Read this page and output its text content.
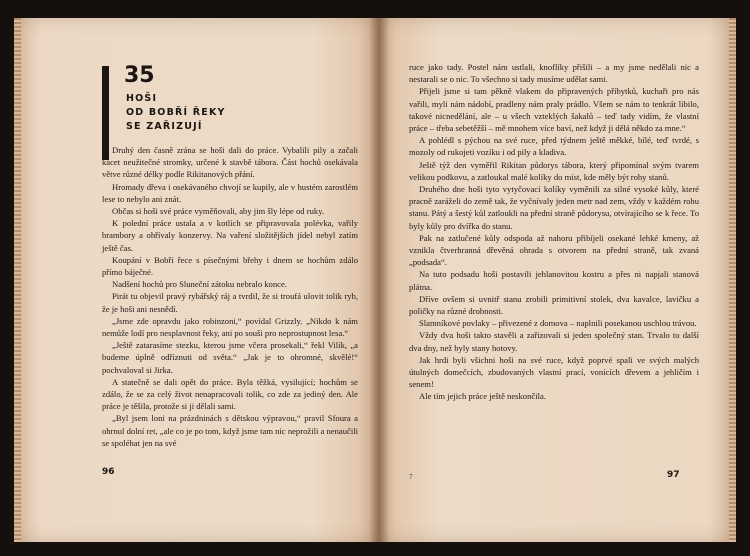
35
HOŠI
OD BOBŘÍ ŘEKY
SE ZAŘIZUJÍ

Druhý den časně zrána se hoši dali do práce. Vybalili pily a začali kácet neužitečné stromky, určené k stavbě tábora. Část hochů osekávala větve různé délky podle Rikitanových přání.

Hromady dřeva i osekávaného chvojí se kupily, ale v hustém zarostlém lese to nebylo ani znát.

Občas si hoši své práce vyměňovali, aby jim šly lépe od ruky.

K polední práce ustala a v kotlích se připravovala polévka, vařily brambory a ohřívaly konzervy. Na vaření složitějších jídel nebyl zatím ještě čas.

Koupání v Bobří řece s písečnými břehy i dnem se hochům zdálo přímo báječné.

Nadšení hochů pro Sluneční zátoku nebralo konce.

Pirát tu objevil pravý rybářský ráj a tvrdil, že si troufá ulovit tolik ryb, že je hoši ani nesnědí.

„Jsme zde opravdu jako robinzoni,“ povídal Grizzly. „Nikdo k nám nemůže lodí pro nesplavnost řeky, ani po souši pro neprostupnost lesa.“

„Ještě zatarasíme stezku, kterou jsme včera prosekali,“ řekl Vilík, „a budeme úplně odříznuti od světa.“ „Jak je to ohromné, skvělé!“ pochvaloval si Jirka.

A statečně se dali opět do práce. Byla těžká, vysilující; hochům se zdálo, že se za celý život nenapracovali tolik, co zde za jediný den. Ale práce je těšila, protože si ji dělali sami.

„Byl jsem loni na prázdninách s dětskou výpravou,“ pravil Sfoura a ohrnul dolní ret, „ale co je po tom, když jsme tam nic neprožili a nenaučili se spoléhat jen na své

96

ruce jako tady. Postel nám ustlali, knoflíky přišili – a my jsme nedělali nic a nestarali se o nic. To všechno si tady musíme udělat sami.

Přijeli jsme si tam pěkně vlakem do připravených příbytků, kuchaři pro nás vařili, myli nám nádobí, pradleny nám praly prádlo. Všem se nám to tenkrát líbilo, takové nicnedělání, ale – u všech vzteklých šakalů – teď tady vidím, že vlastní práce – třeba sebetěžší – mě mnohem více baví, než když ji dělá někdo za mne.“

A pohlédl s pýchou na své ruce, před týdnem ještě měkké, bílé, teď tvrdé, s mozoly od rukojeti vozíku i od pily a kladiva.

Ještě týž den vyměřil Rikitan půdorys tábora, který připomínal svým tvarem velikou podkovu, a zatloukal malé kolíky do míst, kde měly být rohy stanů.

Druhého dne hoši tyto vytyčovací kolíky vyměnili za silné vysoké kůly, které pracně zaráželi do země tak, že vyčnívaly jeden metr nad zem, vždy v každém rohu stanu. Pátý a šestý kůl zatloukli na přední straně půdorysu, otvírajícího se k řece. To byly kůly pro dvířka do stanu.

Pak na zatlučené kůly odspoda až nahoru přibíjeli osekané lehké kmeny, až vznikla čtverhranná dřevěná ohrada s otvorem na přední straně, tak zvaná „podsada“.

Na tuto podsadu hoši postavili jehlanovitou kostru a přes ni napjali stanová plátna.

Dříve ovšem si uvnitř stanu zrobili primitivní stolek, dva kavalce, lavičku a poličky na různé drobnosti.

Slamníkové povlaky – přivezené z domova – naplnili posekanou uschlou trávou.

Vždy dva hoši takto stavěli a zařizovali si jeden společný stan. Trvalo to další dva dny, než byly stany hotovy.

Jak hrdi byli všichni hoši na své ruce, když poprvé spali ve svých malých útulných domečcích, zbudovaných vlastní prací, vonících dřevem a jehličím i senem!

Ale tím jejich práce ještě neskončila.

7	97
